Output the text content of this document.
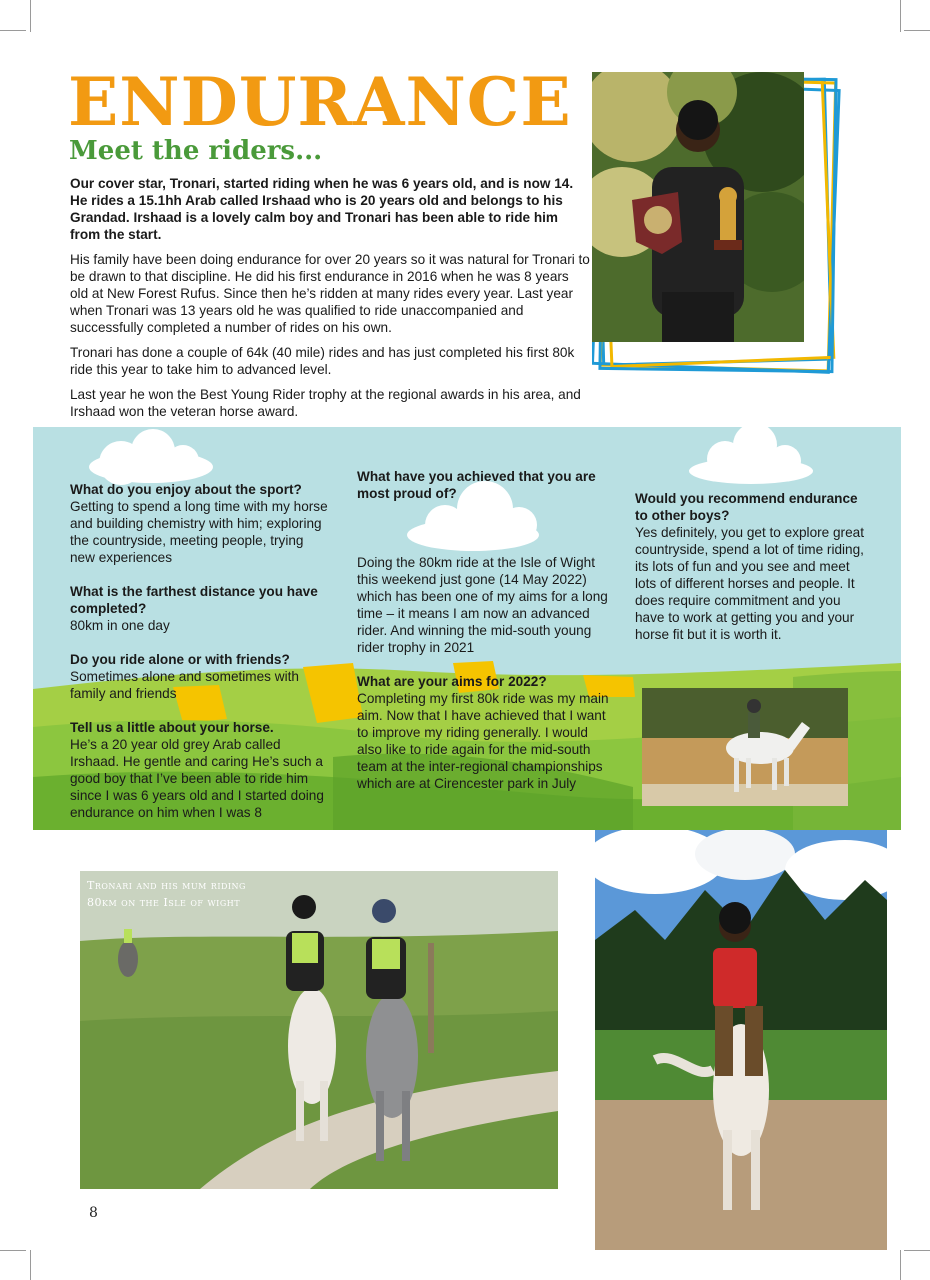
ENDURANCE
Meet the riders...

Our cover star, Tronari, started riding when he was 6 years old, and is now 14. He rides a 15.1hh Arab called Irshaad who is 20 years old and belongs to his Grandad. Irshaad is a lovely calm boy and Tronari has been able to ride him from the start.

His family have been doing endurance for over 20 years so it was natural for Tronari to be drawn to that discipline. He did his first endurance in 2016 when he was 8 years old at New Forest Rufus. Since then he’s ridden at many rides every year. Last year when Tronari was 13 years old he was qualified to ride unaccompanied and successfully completed a number of rides on his own.

Tronari has done a couple of 64k (40 mile) rides and has just completed his first 80k ride this year to take him to advanced level.

Last year he won the Best Young Rider trophy at the regional awards in his area, and Irshaad won the veteran horse award.

What do you enjoy about the sport?
Getting to spend a long time with my horse and building chemistry with him; exploring the countryside, meeting people, trying new experiences
What is the farthest distance you have completed?
80km in one day
Do you ride alone or with friends?
Sometimes alone and sometimes with family and friends
Tell us a little about your horse.
He’s a 20 year old grey Arab called Irshaad. He gentle and caring He’s such a good boy that I’ve been able to ride him since I was 6 years old and I started doing endurance on him when I was 8
What have you achieved that you are most proud of?
Doing the 80km ride at the Isle of Wight this weekend just gone (14 May 2022) which has been one of my aims for a long time – it means I am now an advanced rider. And winning the mid-south young rider trophy in 2021
What are your aims for 2022?
Completing my first 80k ride was my main aim. Now that I have achieved that I want to improve my riding generally. I would also like to ride again for the mid-south team at the inter-regional championships which are at Cirencester park in July
Would you recommend endurance to other boys?
Yes definitely, you get to explore great countryside, spend a lot of time riding, its lots of fun and you see and meet lots of different horses and people. It does require commitment and you have to work at getting you and your horse fit but it is worth it.
Tronari and his mum riding 80km on the Isle of wight
8
